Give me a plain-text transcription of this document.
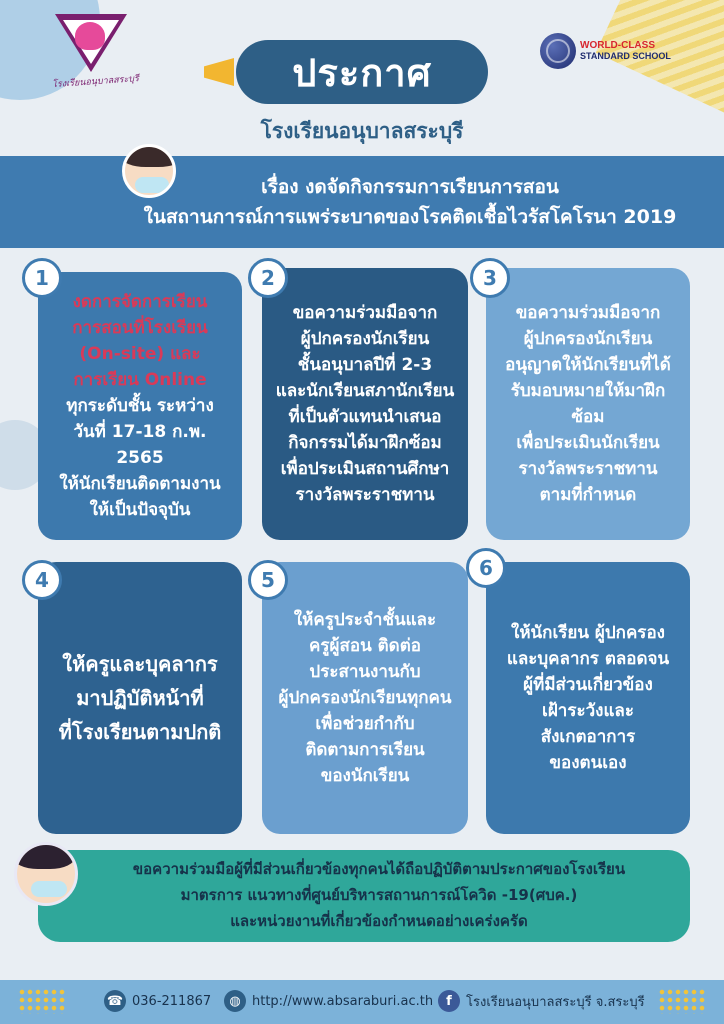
โรงเรียนอนุบาลสระบุรี
WORLD-CLASS
STANDARD SCHOOL
ประกาศ
โรงเรียนอนุบาลสระบุรี
เรื่อง งดจัดกิจกรรมการเรียนการสอน
ในสถานการณ์การแพร่ระบาดของโรคติดเชื้อไวรัสโคโรนา 2019
1
งดการจัดการเรียน
การสอนที่โรงเรียน
(On-site) และ
การเรียน Online
ทุกระดับชั้น ระหว่าง
วันที่ 17-18 ก.พ. 2565
ให้นักเรียนติดตามงาน
ให้เป็นปัจจุบัน
2
ขอความร่วมมือจาก
ผู้ปกครองนักเรียน
ชั้นอนุบาลปีที่ 2-3
และนักเรียนสภานักเรียน
ที่เป็นตัวแทนนำเสนอ
กิจกรรมได้มาฝึกซ้อม
เพื่อประเมินสถานศึกษา
รางวัลพระราชทาน
3
ขอความร่วมมือจาก
ผู้ปกครองนักเรียน
อนุญาตให้นักเรียนที่ได้
รับมอบหมายให้มาฝึกซ้อม
เพื่อประเมินนักเรียน
รางวัลพระราชทาน
ตามที่กำหนด
4
ให้ครูและบุคลากร
มาปฏิบัติหน้าที่
ที่โรงเรียนตามปกติ
5
ให้ครูประจำชั้นและ
ครูผู้สอน ติดต่อ
ประสานงานกับ
ผู้ปกครองนักเรียนทุกคน
เพื่อช่วยกำกับ
ติดตามการเรียน
ของนักเรียน
6
ให้นักเรียน ผู้ปกครอง
และบุคลากร ตลอดจน
ผู้ที่มีส่วนเกี่ยวข้อง
เฝ้าระวังและ
สังเกตอาการ
ของตนเอง
ขอความร่วมมือผู้ที่มีส่วนเกี่ยวข้องทุกคนได้ถือปฏิบัติตามประกาศของโรงเรียน
มาตรการ แนวทางที่ศูนย์บริหารสถานการณ์โควิด -19(ศบค.)
และหน่วยงานที่เกี่ยวข้องกำหนดอย่างเคร่งครัด
☎ 036-211867	◍ http://www.absaraburi.ac.th	f	โรงเรียนอนุบาลสระบุรี จ.สระบุรี
